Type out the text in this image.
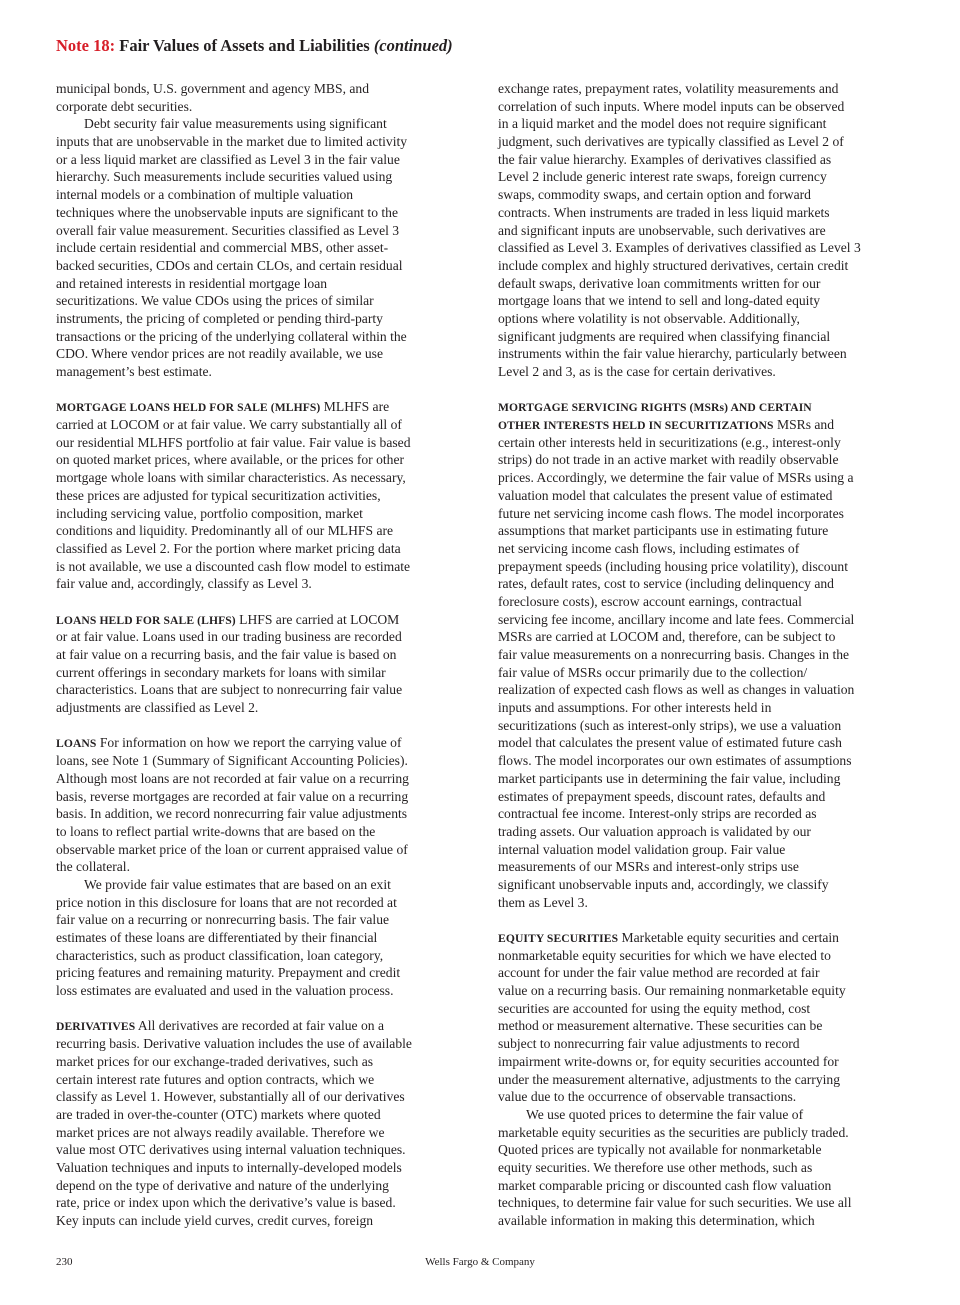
Note 18: Fair Values of Assets and Liabilities (continued)
municipal bonds, U.S. government and agency MBS, and
corporate debt securities.
Debt security fair value measurements using significant
inputs that are unobservable in the market due to limited activity
or a less liquid market are classified as Level 3 in the fair value
hierarchy. Such measurements include securities valued using
internal models or a combination of multiple valuation
techniques where the unobservable inputs are significant to the
overall fair value measurement. Securities classified as Level 3
include certain residential and commercial MBS, other asset-
backed securities, CDOs and certain CLOs, and certain residual
and retained interests in residential mortgage loan
securitizations. We value CDOs using the prices of similar
instruments, the pricing of completed or pending third-party
transactions or the pricing of the underlying collateral within the
CDO. Where vendor prices are not readily available, we use
management’s best estimate.
MORTGAGE LOANS HELD FOR SALE (MLHFS) MLHFS are
carried at LOCOM or at fair value. We carry substantially all of
our residential MLHFS portfolio at fair value. Fair value is based
on quoted market prices, where available, or the prices for other
mortgage whole loans with similar characteristics. As necessary,
these prices are adjusted for typical securitization activities,
including servicing value, portfolio composition, market
conditions and liquidity. Predominantly all of our MLHFS are
classified as Level 2. For the portion where market pricing data
is not available, we use a discounted cash flow model to estimate
fair value and, accordingly, classify as Level 3.
LOANS HELD FOR SALE (LHFS) LHFS are carried at LOCOM
or at fair value. Loans used in our trading business are recorded
at fair value on a recurring basis, and the fair value is based on
current offerings in secondary markets for loans with similar
characteristics. Loans that are subject to nonrecurring fair value
adjustments are classified as Level 2.
LOANS For information on how we report the carrying value of
loans, see Note 1 (Summary of Significant Accounting Policies).
Although most loans are not recorded at fair value on a recurring
basis, reverse mortgages are recorded at fair value on a recurring
basis. In addition, we record nonrecurring fair value adjustments
to loans to reflect partial write-downs that are based on the
observable market price of the loan or current appraised value of
the collateral.
We provide fair value estimates that are based on an exit
price notion in this disclosure for loans that are not recorded at
fair value on a recurring or nonrecurring basis. The fair value
estimates of these loans are differentiated by their financial
characteristics, such as product classification, loan category,
pricing features and remaining maturity. Prepayment and credit
loss estimates are evaluated and used in the valuation process.
DERIVATIVES All derivatives are recorded at fair value on a
recurring basis. Derivative valuation includes the use of available
market prices for our exchange-traded derivatives, such as
certain interest rate futures and option contracts, which we
classify as Level 1. However, substantially all of our derivatives
are traded in over-the-counter (OTC) markets where quoted
market prices are not always readily available. Therefore we
value most OTC derivatives using internal valuation techniques.
Valuation techniques and inputs to internally-developed models
depend on the type of derivative and nature of the underlying
rate, price or index upon which the derivative’s value is based.
Key inputs can include yield curves, credit curves, foreign
exchange rates, prepayment rates, volatility measurements and
correlation of such inputs. Where model inputs can be observed
in a liquid market and the model does not require significant
judgment, such derivatives are typically classified as Level 2 of
the fair value hierarchy. Examples of derivatives classified as
Level 2 include generic interest rate swaps, foreign currency
swaps, commodity swaps, and certain option and forward
contracts. When instruments are traded in less liquid markets
and significant inputs are unobservable, such derivatives are
classified as Level 3. Examples of derivatives classified as Level 3
include complex and highly structured derivatives, certain credit
default swaps, derivative loan commitments written for our
mortgage loans that we intend to sell and long-dated equity
options where volatility is not observable. Additionally,
significant judgments are required when classifying financial
instruments within the fair value hierarchy, particularly between
Level 2 and 3, as is the case for certain derivatives.
MORTGAGE SERVICING RIGHTS (MSRs) AND CERTAIN
OTHER INTERESTS HELD IN SECURITIZATIONS MSRs and
certain other interests held in securitizations (e.g., interest-only
strips) do not trade in an active market with readily observable
prices. Accordingly, we determine the fair value of MSRs using a
valuation model that calculates the present value of estimated
future net servicing income cash flows. The model incorporates
assumptions that market participants use in estimating future
net servicing income cash flows, including estimates of
prepayment speeds (including housing price volatility), discount
rates, default rates, cost to service (including delinquency and
foreclosure costs), escrow account earnings, contractual
servicing fee income, ancillary income and late fees. Commercial
MSRs are carried at LOCOM and, therefore, can be subject to
fair value measurements on a nonrecurring basis. Changes in the
fair value of MSRs occur primarily due to the collection/
realization of expected cash flows as well as changes in valuation
inputs and assumptions. For other interests held in
securitizations (such as interest-only strips), we use a valuation
model that calculates the present value of estimated future cash
flows. The model incorporates our own estimates of assumptions
market participants use in determining the fair value, including
estimates of prepayment speeds, discount rates, defaults and
contractual fee income. Interest-only strips are recorded as
trading assets. Our valuation approach is validated by our
internal valuation model validation group. Fair value
measurements of our MSRs and interest-only strips use
significant unobservable inputs and, accordingly, we classify
them as Level 3.
EQUITY SECURITIES Marketable equity securities and certain
nonmarketable equity securities for which we have elected to
account for under the fair value method are recorded at fair
value on a recurring basis. Our remaining nonmarketable equity
securities are accounted for using the equity method, cost
method or measurement alternative. These securities can be
subject to nonrecurring fair value adjustments to record
impairment write-downs or, for equity securities accounted for
under the measurement alternative, adjustments to the carrying
value due to the occurrence of observable transactions.
We use quoted prices to determine the fair value of
marketable equity securities as the securities are publicly traded.
Quoted prices are typically not available for nonmarketable
equity securities. We therefore use other methods, such as
market comparable pricing or discounted cash flow valuation
techniques, to determine fair value for such securities. We use all
available information in making this determination, which
230	Wells Fargo & Company
